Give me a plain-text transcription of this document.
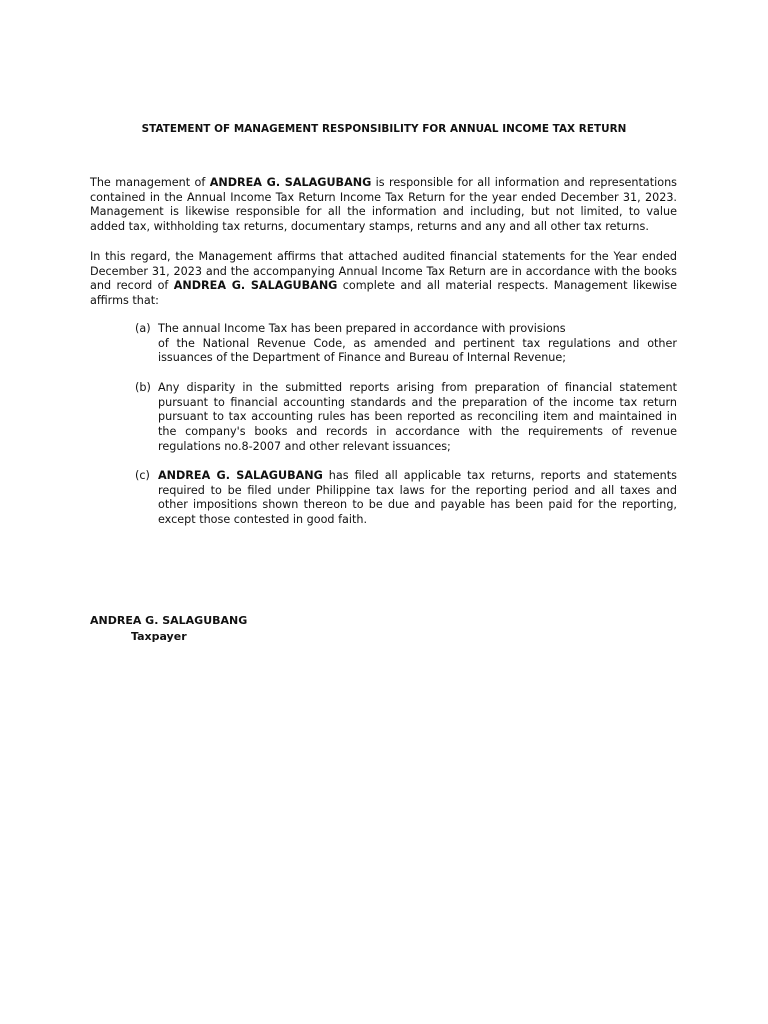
STATEMENT OF MANAGEMENT RESPONSIBILITY FOR ANNUAL INCOME TAX RETURN
The management of ANDREA G. SALAGUBANG is responsible for all information and representations contained in the Annual Income Tax Return Income Tax Return for the year ended December 31, 2023. Management is likewise responsible for all the information and including, but not limited, to value added tax, withholding tax returns, documentary stamps, returns and any and all other tax returns.
In this regard, the Management affirms that attached audited financial statements for the Year ended December 31, 2023 and the accompanying Annual Income Tax Return are in accordance with the books and record of ANDREA G. SALAGUBANG complete and all material respects. Management likewise affirms that:
(a) The annual Income Tax has been prepared in accordance with provisions
of the National Revenue Code, as amended and pertinent tax regulations and other issuances of the Department of Finance and Bureau of Internal Revenue;
(b) Any disparity in the submitted reports arising from preparation of financial statement pursuant to financial accounting standards and the preparation of the income tax return pursuant to tax accounting rules has been reported as reconciling item and maintained in the company's books and records in accordance with the requirements of revenue regulations no.8-2007 and other relevant issuances;
(c) ANDREA G. SALAGUBANG has filed all applicable tax returns, reports and statements required to be filed under Philippine tax laws for the reporting period and all taxes and other impositions shown thereon to be due and payable has been paid for the reporting, except those contested in good faith.
ANDREA G. SALAGUBANG
Taxpayer
